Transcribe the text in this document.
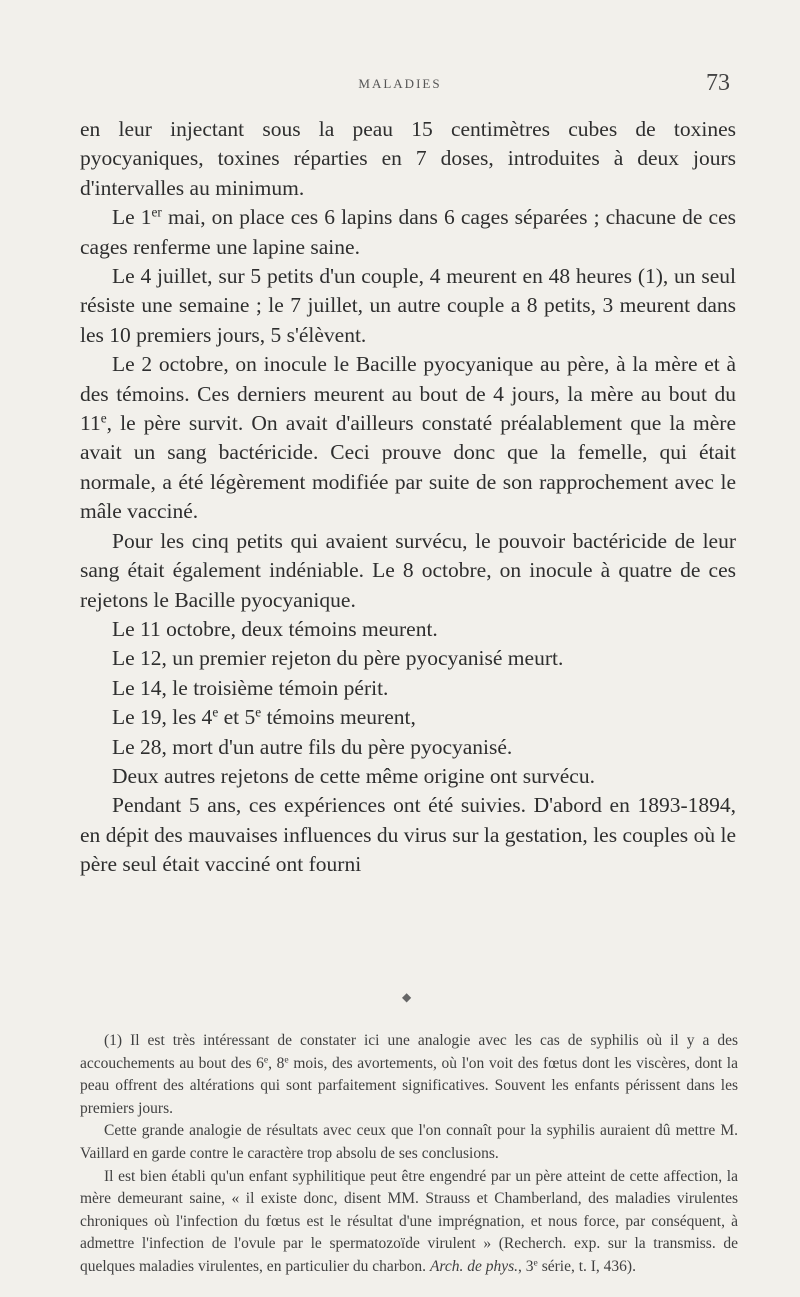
MALADIES	73

en leur injectant sous la peau 15 centimètres cubes de toxines pyocyaniques, toxines réparties en 7 doses, introduites à deux jours d'intervalles au minimum.

Le 1er mai, on place ces 6 lapins dans 6 cages séparées ; chacune de ces cages renferme une lapine saine.

Le 4 juillet, sur 5 petits d'un couple, 4 meurent en 48 heures (1), un seul résiste une semaine ; le 7 juillet, un autre couple a 8 petits, 3 meurent dans les 10 premiers jours, 5 s'élèvent.

Le 2 octobre, on inocule le Bacille pyocyanique au père, à la mère et à des témoins. Ces derniers meurent au bout de 4 jours, la mère au bout du 11e, le père survit. On avait d'ailleurs constaté préalablement que la mère avait un sang bactéricide. Ceci prouve donc que la femelle, qui était normale, a été légèrement modifiée par suite de son rapprochement avec le mâle vacciné.

Pour les cinq petits qui avaient survécu, le pouvoir bactéricide de leur sang était également indéniable. Le 8 octobre, on inocule à quatre de ces rejetons le Bacille pyocyanique.

Le 11 octobre, deux témoins meurent.

Le 12, un premier rejeton du père pyocyanisé meurt.

Le 14, le troisième témoin périt.

Le 19, les 4e et 5e témoins meurent,

Le 28, mort d'un autre fils du père pyocyanisé.

Deux autres rejetons de cette même origine ont survécu.

Pendant 5 ans, ces expériences ont été suivies. D'abord en 1893-1894, en dépit des mauvaises influences du virus sur la gestation, les couples où le père seul était vacciné ont fourni

◆

(1) Il est très intéressant de constater ici une analogie avec les cas de syphilis où il y a des accouchements au bout des 6e, 8e mois, des avortements, où l'on voit des fœtus dont les viscères, dont la peau offrent des altérations qui sont parfaitement significatives. Souvent les enfants périssent dans les premiers jours.

Cette grande analogie de résultats avec ceux que l'on connaît pour la syphilis auraient dû mettre M. Vaillard en garde contre le caractère trop absolu de ses conclusions.

Il est bien établi qu'un enfant syphilitique peut être engendré par un père atteint de cette affection, la mère demeurant saine, « il existe donc, disent MM. Strauss et Chamberland, des maladies virulentes chroniques où l'infection du fœtus est le résultat d'une imprégnation, et nous force, par conséquent, à admettre l'infection de l'ovule par le spermatozoïde virulent » (Recherch. exp. sur la transmiss. de quelques maladies virulentes, en particulier du charbon. Arch. de phys., 3e série, t. I, 436).
